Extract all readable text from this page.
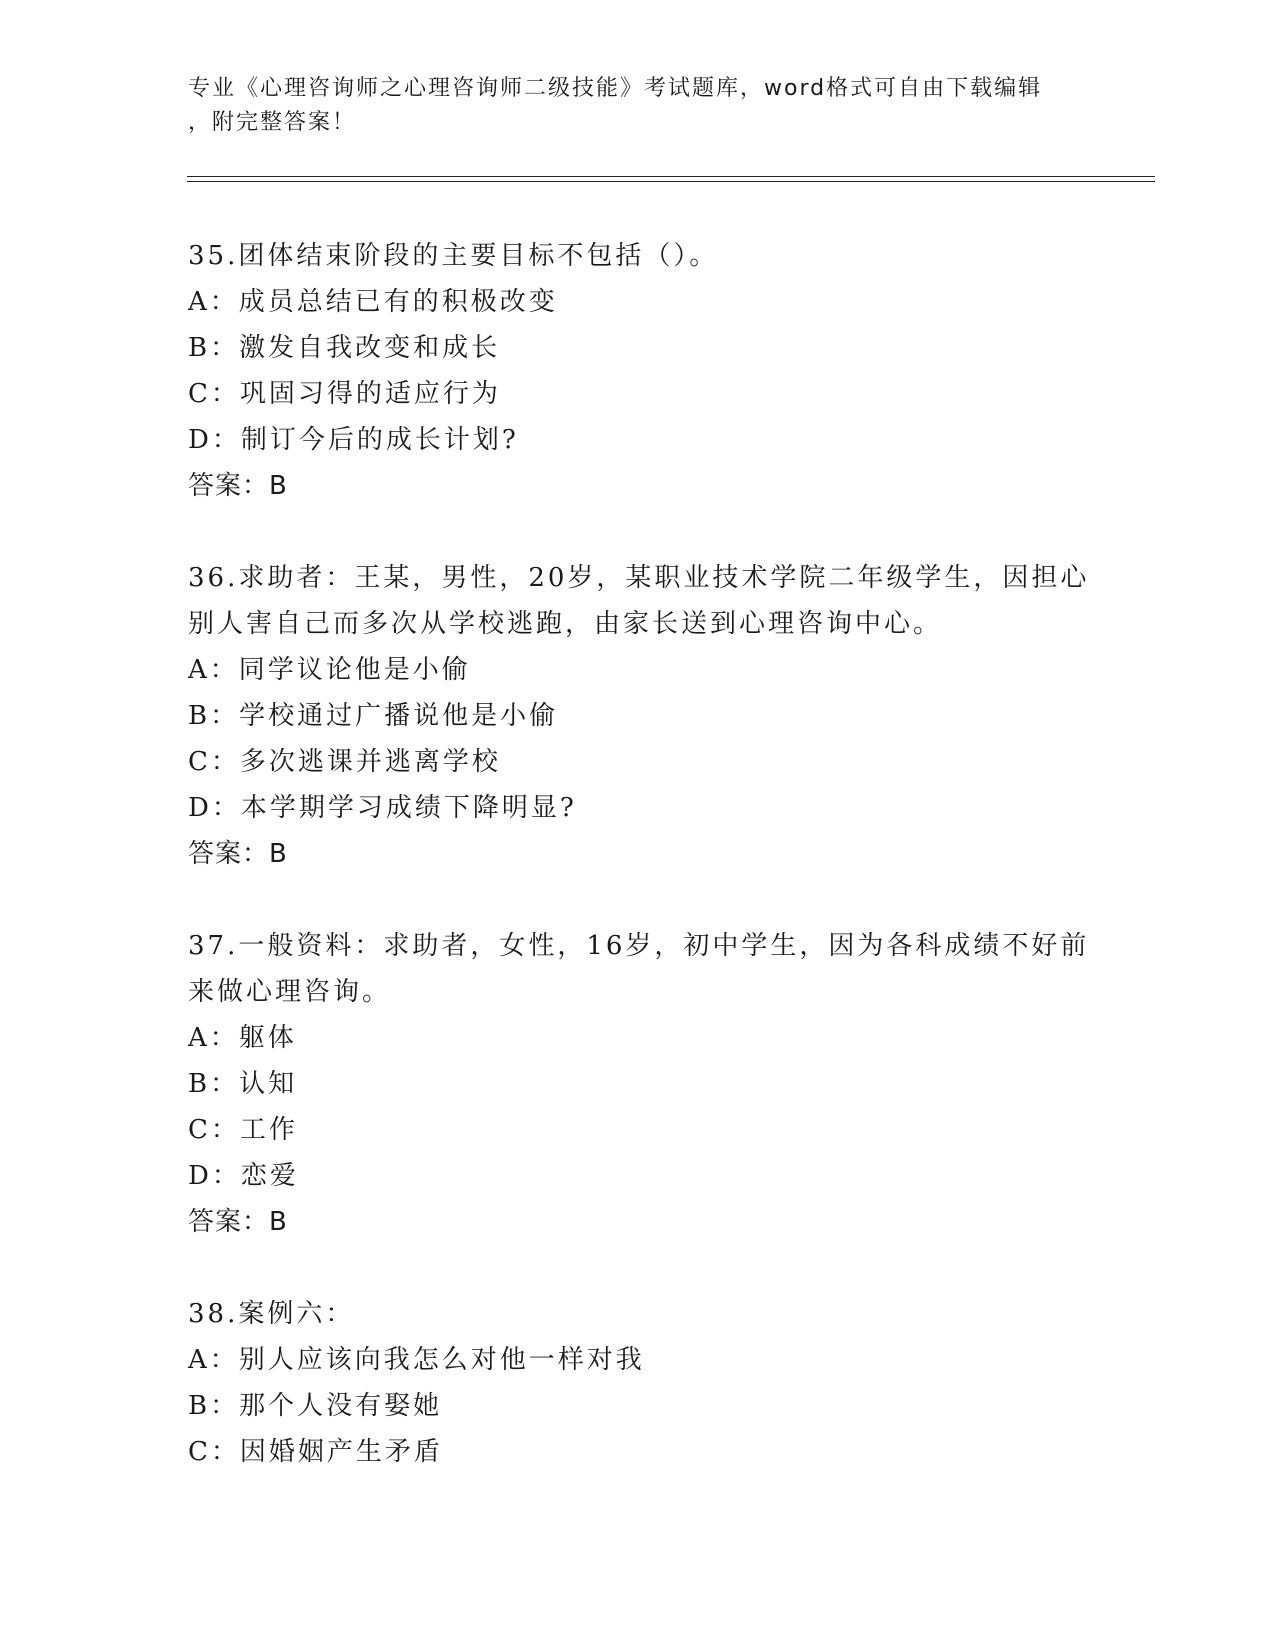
专业《心理咨询师之心理咨询师二级技能》考试题库，word格式可自由下载编辑
，附完整答案！

35.团体结束阶段的主要目标不包括（）。

A：成员总结已有的积极改变

B：激发自我改变和成长

C：巩固习得的适应行为

D：制订今后的成长计划?

答案：B

36.求助者：王某，男性，20岁，某职业技术学院二年级学生，因担心

别人害自己而多次从学校逃跑，由家长送到心理咨询中心。

A：同学议论他是小偷

B：学校通过广播说他是小偷

C：多次逃课并逃离学校

D：本学期学习成绩下降明显?

答案：B

37.一般资料：求助者，女性，16岁，初中学生，因为各科成绩不好前

来做心理咨询。

A：躯体

B：认知

C：工作

D：恋爱

答案：B

38.案例六：

A：别人应该向我怎么对他一样对我

B：那个人没有娶她

C：因婚姻产生矛盾
